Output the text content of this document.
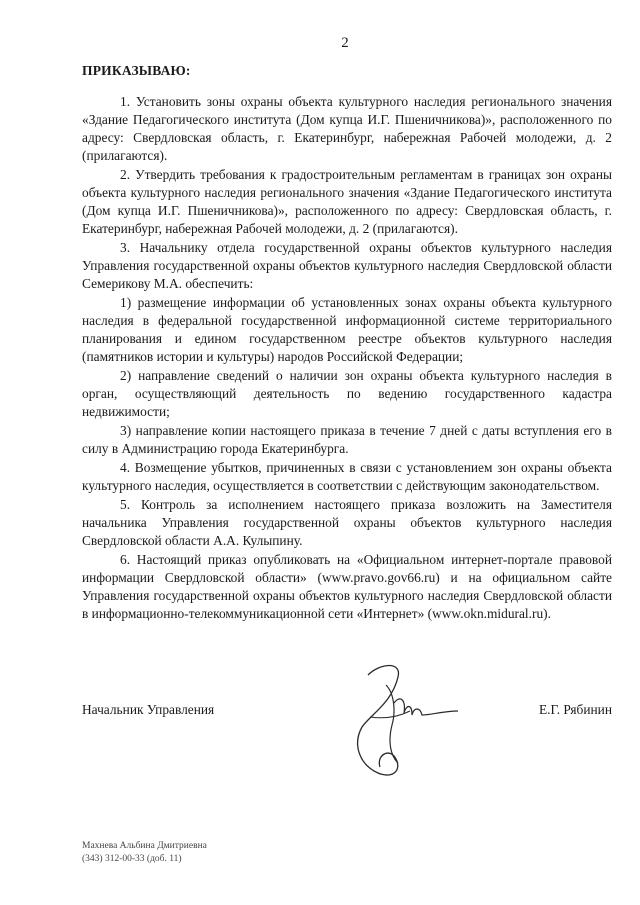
2
ПРИКАЗЫВАЮ:

1. Установить зоны охраны объекта культурного наследия регионального значения «Здание Педагогического института (Дом купца И.Г. Пшеничникова)», расположенного по адресу: Свердловская область, г. Екатеринбург, набережная Рабочей молодежи, д. 2 (прилагаются).

2. Утвердить требования к градостроительным регламентам в границах зон охраны объекта культурного наследия регионального значения «Здание Педагогического института (Дом купца И.Г. Пшеничникова)», расположенного по адресу: Свердловская область, г. Екатеринбург, набережная Рабочей молодежи, д. 2 (прилагаются).

3. Начальнику отдела государственной охраны объектов культурного наследия Управления государственной охраны объектов культурного наследия Свердловской области Семерикову М.А. обеспечить:

1) размещение информации об установленных зонах охраны объекта культурного наследия в федеральной государственной информационной системе территориального планирования и едином государственном реестре объектов культурного наследия (памятников истории и культуры) народов Российской Федерации;

2) направление сведений о наличии зон охраны объекта культурного наследия в орган, осуществляющий деятельность по ведению государственного кадастра недвижимости;

3) направление копии настоящего приказа в течение 7 дней с даты вступления его в силу в Администрацию города Екатеринбурга.

4. Возмещение убытков, причиненных в связи с установлением зон охраны объекта культурного наследия, осуществляется в соответствии с действующим законодательством.

5. Контроль за исполнением настоящего приказа возложить на Заместителя начальника Управления государственной охраны объектов культурного наследия Свердловской области А.А. Кулыпину.

6. Настоящий приказ опубликовать на «Официальном интернет-портале правовой информации Свердловской области» (www.pravo.gov66.ru) и на официальном сайте Управления государственной охраны объектов культурного наследия Свердловской области в информационно-телекоммуникационной сети «Интернет» (www.okn.midural.ru).

Начальник Управления	Е.Г. Рябинин
Махнева Альбина Дмитриевна
(343) 312-00-33 (доб. 11)
